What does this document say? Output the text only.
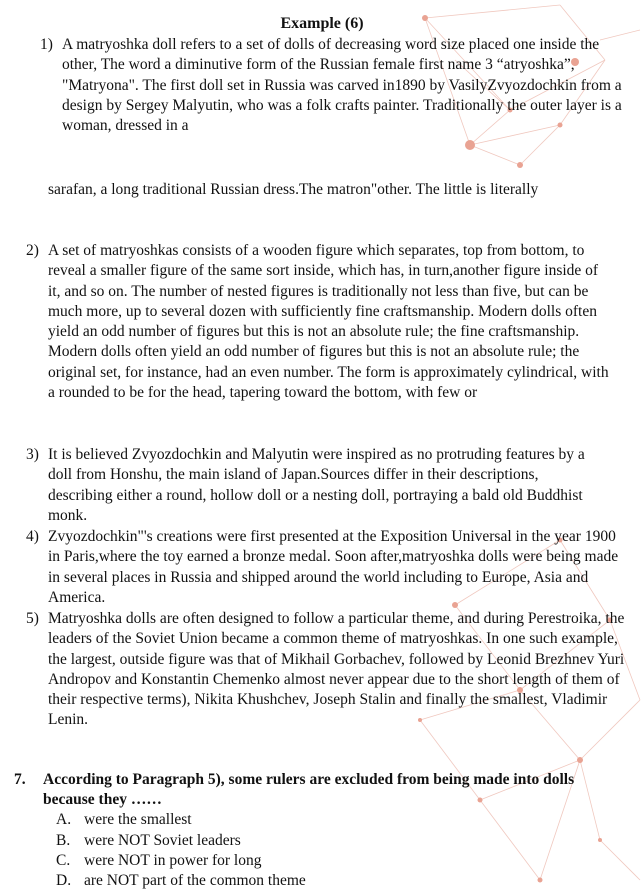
Example (6)
1) A matryoshka doll refers to a set of dolls of decreasing word size placed one inside the other, The word a diminutive form of the Russian female first name 3 “atryoshka”, "Matryona". The first doll set in Russia was carved in1890 by VasilyZvyozdochkin from a design by Sergey Malyutin, who was a folk crafts painter. Traditionally the outer layer is a woman, dressed in a
sarafan, a long traditional Russian dress.The matron"other. The little is literally
2) A set of matryoshkas consists of a wooden figure which separates, top from bottom, to reveal a smaller figure of the same sort inside, which has, in turn,another figure inside of it, and so on. The number of nested figures is traditionally not less than five, but can be much more, up to several dozen with sufficiently fine craftsmanship. Modern dolls often yield an odd number of figures but this is not an absolute rule; the fine craftsmanship. Modern dolls often yield an odd number of figures but this is not an absolute rule; the original set, for instance, had an even number. The form is approximately cylindrical, with a rounded to be for the head, tapering toward the bottom, with few or
3) It is believed Zvyozdochkin and Malyutin were inspired as no protruding features by a doll from Honshu, the main island of Japan.Sources differ in their descriptions, describing either a round, hollow doll or a nesting doll, portraying a bald old Buddhist monk.
4) Zvyozdochkin"'s creations were first presented at the Exposition Universal in the year 1900 in Paris,where the toy earned a bronze medal. Soon after,matryoshka dolls were being made in several places in Russia and shipped around the world including to Europe, Asia and America.
5) Matryoshka dolls are often designed to follow a particular theme, and during Perestroika, the leaders of the Soviet Union became a common theme of matryoshkas. In one such example, the largest, outside figure was that of Mikhail Gorbachev, followed by Leonid Brezhnev Yuri Andropov and Konstantin Chemenko almost never appear due to the short length of them of their respective terms), Nikita Khushchev, Joseph Stalin and finally the smallest, Vladimir Lenin.
7. According to Paragraph 5), some rulers are excluded from being made into dolls because they ……
A. were the smallest
B. were NOT Soviet leaders
C. were NOT in power for long
D. are NOT part of the common theme
